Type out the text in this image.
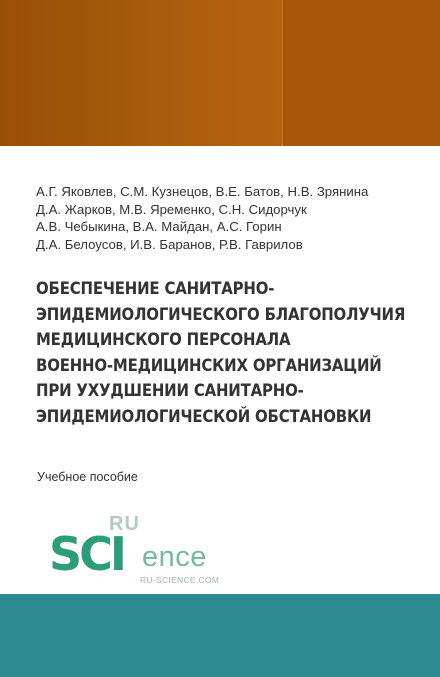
А.Г. Яковлев, С.М. Кузнецов, В.Е. Батов, Н.В. Зрянина
Д.А. Жарков, М.В. Яременко, С.Н. Сидорчук
А.В. Чебыкина, В.А. Майдан, А.С. Горин
Д.А. Белоусов, И.В. Баранов, Р.В. Гаврилов
ОБЕСПЕЧЕНИЕ САНИТАРНО-
ЭПИДЕМИОЛОГИЧЕСКОГО БЛАГОПОЛУЧИЯ
МЕДИЦИНСКОГО ПЕРСОНАЛА
ВОЕННО-МЕДИЦИНСКИХ ОРГАНИЗАЦИЙ
ПРИ УХУДШЕНИИ САНИТАРНО-
ЭПИДЕМИОЛОГИЧЕСКОЙ ОБСТАНОВКИ
Учебное пособие
RU
SCI ence
RU-SCIENCE.COM
